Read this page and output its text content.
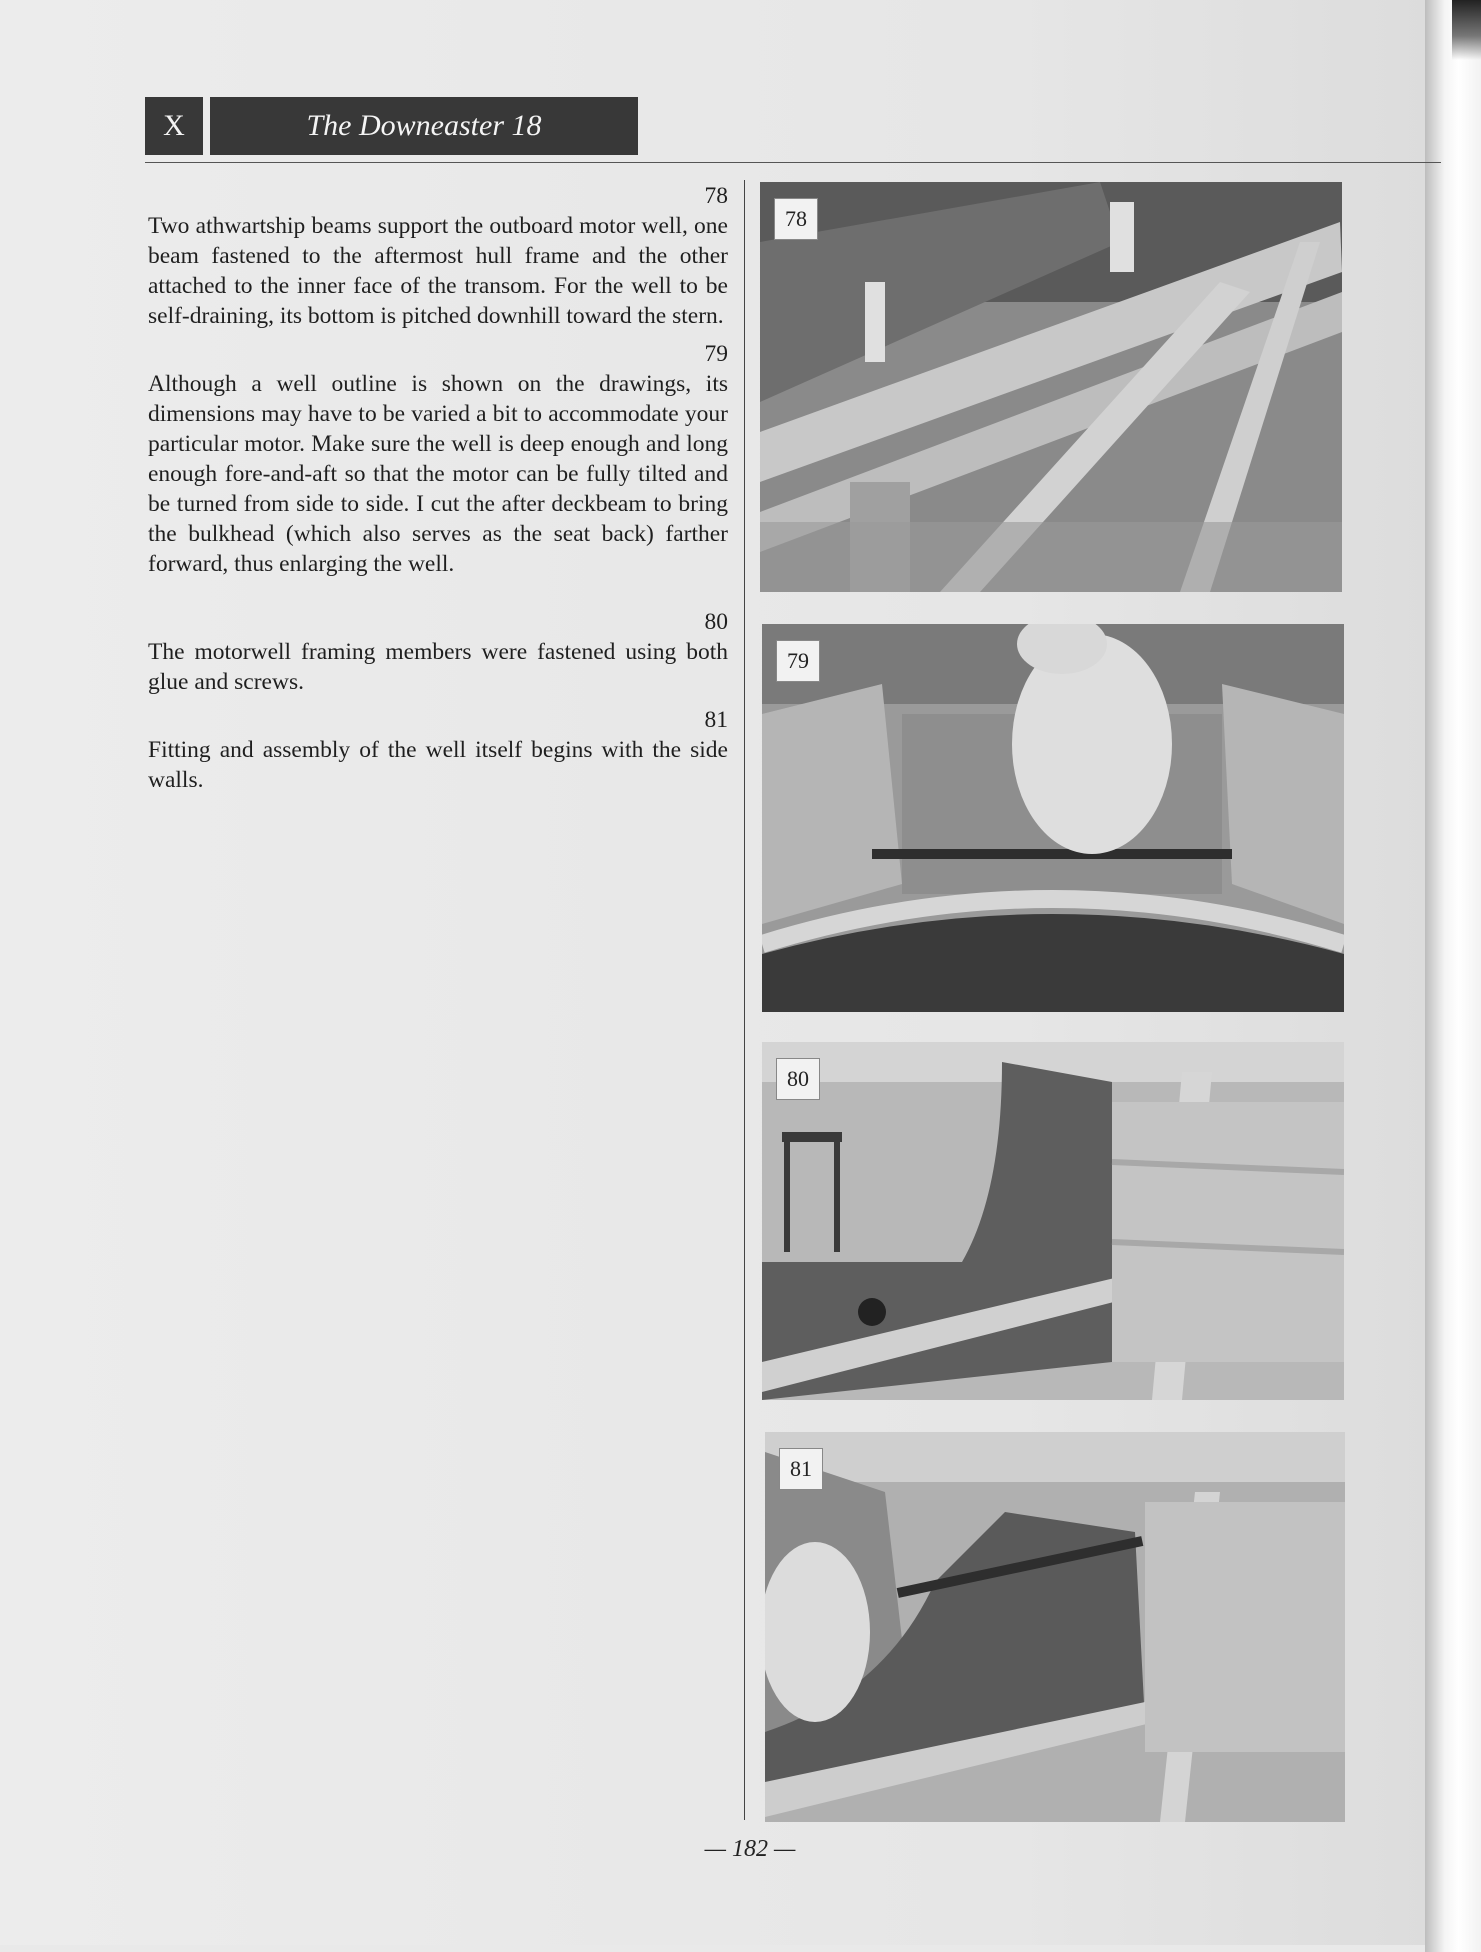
X	The Downeaster 18

78

Two athwartship beams support the outboard motor well, one beam fastened to the aftermost hull frame and the other attached to the inner face of the transom. For the well to be self-draining, its bottom is pitched downhill toward the stern.

79

Although a well outline is shown on the drawings, its dimensions may have to be varied a bit to accommodate your particular motor. Make sure the well is deep enough and long enough fore-and-aft so that the motor can be fully tilted and be turned from side to side. I cut the after deckbeam to bring the bulkhead (which also serves as the seat back) farther forward, thus enlarging the well.

80

The motorwell framing members were fastened using both glue and screws.

81

Fitting and assembly of the well itself begins with the side walls.

78
79
80
81
— 182 —
